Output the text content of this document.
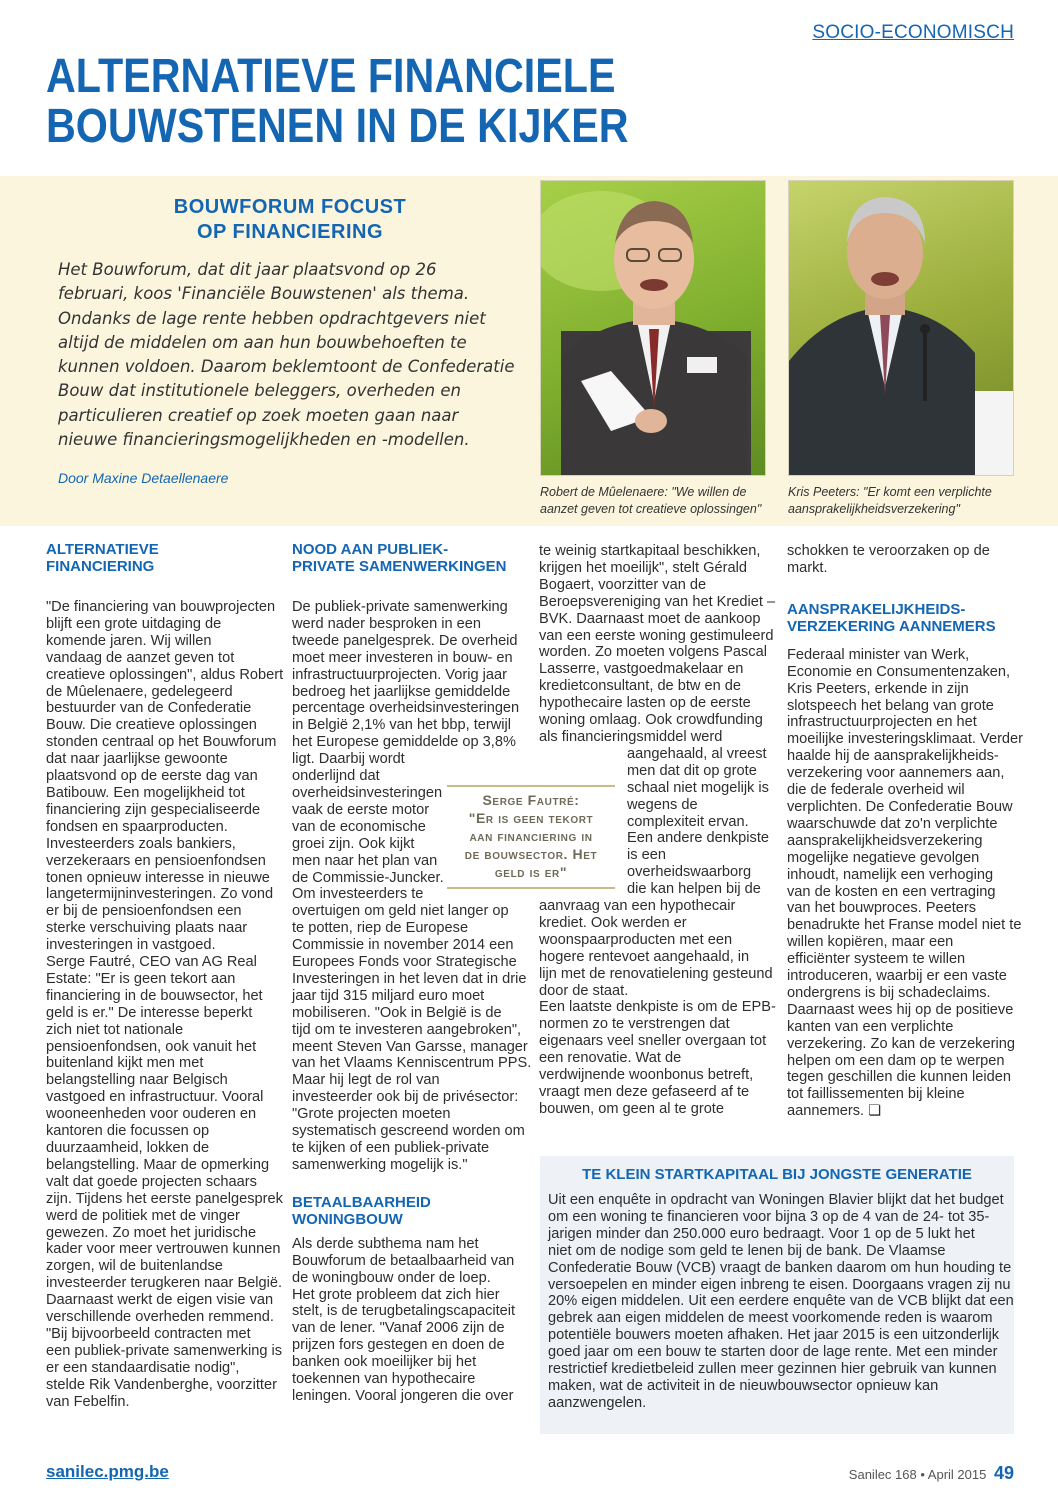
SOCIO-ECONOMISCH
ALTERNATIEVE FINANCIELE
BOUWSTENEN IN DE KIJKER
BOUWFORUM FOCUST
OP FINANCIERING
Het Bouwforum, dat dit jaar plaatsvond op 26
februari, koos 'Financiële Bouwstenen' als thema.
Ondanks de lage rente hebben opdrachtgevers niet
altijd de middelen om aan hun bouwbehoeften te
kunnen voldoen. Daarom beklemtoont de Confederatie
Bouw dat institutionele beleggers, overheden en
particulieren creatief op zoek moeten gaan naar
nieuwe financieringsmogelijkheden en -modellen.
Door Maxine Detaellenaere
Robert de Mûelenaere: "We willen de
aanzet geven tot creatieve oplossingen"
Kris Peeters: "Er komt een verplichte
aansprakelijkheidsverzekering"
ALTERNATIEVE
FINANCIERING
"De financiering van bouwprojecten
blijft een grote uitdaging de
komende jaren. Wij willen
vandaag de aanzet geven tot
creatieve oplossingen", aldus Robert
de Mûelenaere, gedelegeerd
bestuurder van de Confederatie
Bouw. Die creatieve oplossingen
stonden centraal op het Bouwforum
dat naar jaarlijkse gewoonte
plaatsvond op de eerste dag van
Batibouw. Een mogelijkheid tot
financiering zijn gespecialiseerde
fondsen en spaarproducten.
Investeerders zoals bankiers,
verzekeraars en pensioenfondsen
tonen opnieuw interesse in nieuwe
langetermijninvesteringen. Zo vond
er bij de pensioenfondsen een
sterke verschuiving plaats naar
investeringen in vastgoed.
Serge Fautré, CEO van AG Real
Estate: "Er is geen tekort aan
financiering in de bouwsector, het
geld is er." De interesse beperkt
zich niet tot nationale
pensioenfondsen, ook vanuit het
buitenland kijkt men met
belangstelling naar Belgisch
vastgoed en infrastructuur. Vooral
wooneenheden voor ouderen en
kantoren die focussen op
duurzaamheid, lokken de
belangstelling. Maar de opmerking
valt dat goede projecten schaars
zijn. Tijdens het eerste panelgesprek
werd de politiek met de vinger
gewezen. Zo moet het juridische
kader voor meer vertrouwen kunnen
zorgen, wil de buitenlandse
investeerder terugkeren naar België.
Daarnaast werkt de eigen visie van
verschillende overheden remmend.
"Bij bijvoorbeeld contracten met
een publiek-private samenwerking is
er een standaardisatie nodig",
stelde Rik Vandenberghe, voorzitter
van Febelfin.
NOOD AAN PUBLIEK-
PRIVATE SAMENWERKINGEN
De publiek-private samenwerking
werd nader besproken in een
tweede panelgesprek. De overheid
moet meer investeren in bouw- en
infrastructuurprojecten. Vorig jaar
bedroeg het jaarlijkse gemiddelde
percentage overheidsinvesteringen
in België 2,1% van het bbp, terwijl
het Europese gemiddelde op 3,8%
ligt. Daarbij wordt
onderlijnd dat
overheidsinvesteringen
vaak de eerste motor
van de economische
groei zijn. Ook kijkt
men naar het plan van
de Commissie-Juncker.
Om investeerders te
overtuigen om geld niet langer op
te potten, riep de Europese
Commissie in november 2014 een
Europees Fonds voor Strategische
Investeringen in het leven dat in drie
jaar tijd 315 miljard euro moet
mobiliseren. "Ook in België is de
tijd om te investeren aangebroken",
meent Steven Van Garsse, manager
van het Vlaams Kenniscentrum PPS.
Maar hij legt de rol van
investeerder ook bij de privésector:
"Grote projecten moeten
systematisch gescreend worden om
te kijken of een publiek-private
samenwerking mogelijk is."
BETAALBAARHEID
WONINGBOUW
Als derde subthema nam het
Bouwforum de betaalbaarheid van
de woningbouw onder de loep.
Het grote probleem dat zich hier
stelt, is de terugbetalingscapaciteit
van de lener. "Vanaf 2006 zijn de
prijzen fors gestegen en doen de
banken ook moeilijker bij het
toekennen van hypothecaire
leningen. Vooral jongeren die over
te weinig startkapitaal beschikken,
krijgen het moeilijk", stelt Gérald
Bogaert, voorzitter van de
Beroepsvereniging van het Krediet –
BVK. Daarnaast moet de aankoop
van een eerste woning gestimuleerd
worden. Zo moeten volgens Pascal
Lasserre, vastgoedmakelaar en
kredietconsultant, de btw en de
hypothecaire lasten op de eerste
woning omlaag. Ook crowdfunding
als financieringsmiddel werd
aangehaald, al vreest
men dat dit op grote
schaal niet mogelijk is
wegens de
complexiteit ervan.
Een andere denkpiste
is een
overheidswaarborg
die kan helpen bij de
aanvraag van een hypothecair
krediet. Ook werden er
woonspaarproducten met een
hogere rentevoet aangehaald, in
lijn met de renovatielening gesteund
door de staat.
Een laatste denkpiste is om de EPB-
normen zo te verstrengen dat
eigenaars veel sneller overgaan tot
een renovatie. Wat de
verdwijnende woonbonus betreft,
vraagt men deze gefaseerd af te
bouwen, om geen al te grote
schokken te veroorzaken op de
markt.
AANSPRAKELIJKHEIDS-
VERZEKERING AANNEMERS
Federaal minister van Werk,
Economie en Consumentenzaken,
Kris Peeters, erkende in zijn
slotspeech het belang van grote
infrastructuurprojecten en het
moeilijke investeringsklimaat. Verder
haalde hij de aansprakelijkheids-
verzekering voor aannemers aan,
die de federale overheid wil
verplichten. De Confederatie Bouw
waarschuwde dat zo'n verplichte
aansprakelijkheidsverzekering
mogelijke negatieve gevolgen
inhoudt, namelijk een verhoging
van de kosten en een vertraging
van het bouwproces. Peeters
benadrukte het Franse model niet te
willen kopiëren, maar een
efficiënter systeem te willen
introduceren, waarbij er een vaste
ondergrens is bij schadeclaims.
Daarnaast wees hij op de positieve
kanten van een verplichte
verzekering. Zo kan de verzekering
helpen om een dam op te werpen
tegen geschillen die kunnen leiden
tot faillissementen bij kleine
aannemers. ❏
Serge Fautré:
"Er is geen tekort
aan financiering in
de bouwsector. Het
geld is er"
TE KLEIN STARTKAPITAAL BIJ JONGSTE GENERATIE
Uit een enquête in opdracht van Woningen Blavier blijkt dat het budget
om een woning te financieren voor bijna 3 op de 4 van de 24- tot 35-
jarigen minder dan 250.000 euro bedraagt. Voor 1 op de 5 lukt het
niet om de nodige som geld te lenen bij de bank. De Vlaamse
Confederatie Bouw (VCB) vraagt de banken daarom om hun houding te
versoepelen en minder eigen inbreng te eisen. Doorgaans vragen zij nu
20% eigen middelen. Uit een eerdere enquête van de VCB blijkt dat een
gebrek aan eigen middelen de meest voorkomende reden is waarom
potentiële bouwers moeten afhaken. Het jaar 2015 is een uitzonderlijk
goed jaar om een bouw te starten door de lage rente. Met een minder
restrictief kredietbeleid zullen meer gezinnen hier gebruik van kunnen
maken, wat de activiteit in de nieuwbouwsector opnieuw kan
aanzwengelen.
sanilec.pmg.be	Sanilec 168 • April 2015 49
